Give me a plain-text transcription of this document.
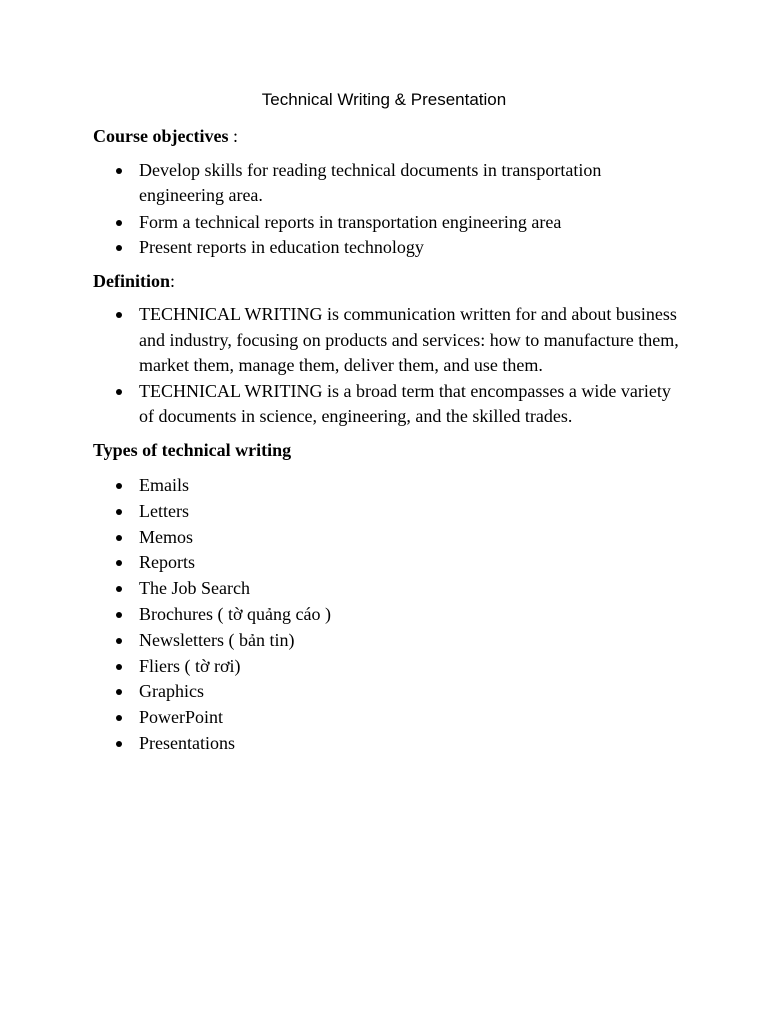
Technical Writing & Presentation

Course objectives :

Develop skills for reading technical documents in transportation engineering area.
Form a technical reports in transportation engineering area
Present reports in education technology

Definition:

TECHNICAL WRITING is communication written for and about business and industry, focusing on products and services: how to manufacture them, market them, manage them, deliver them, and use them.
TECHNICAL WRITING is a broad term that encompasses a wide variety of documents in science, engineering, and the skilled trades.

Types of technical writing

Emails
Letters
Memos
Reports
The Job Search
Brochures ( tờ quảng cáo )
Newsletters ( bản tin)
Fliers ( tờ rơi)
Graphics
PowerPoint
Presentations
